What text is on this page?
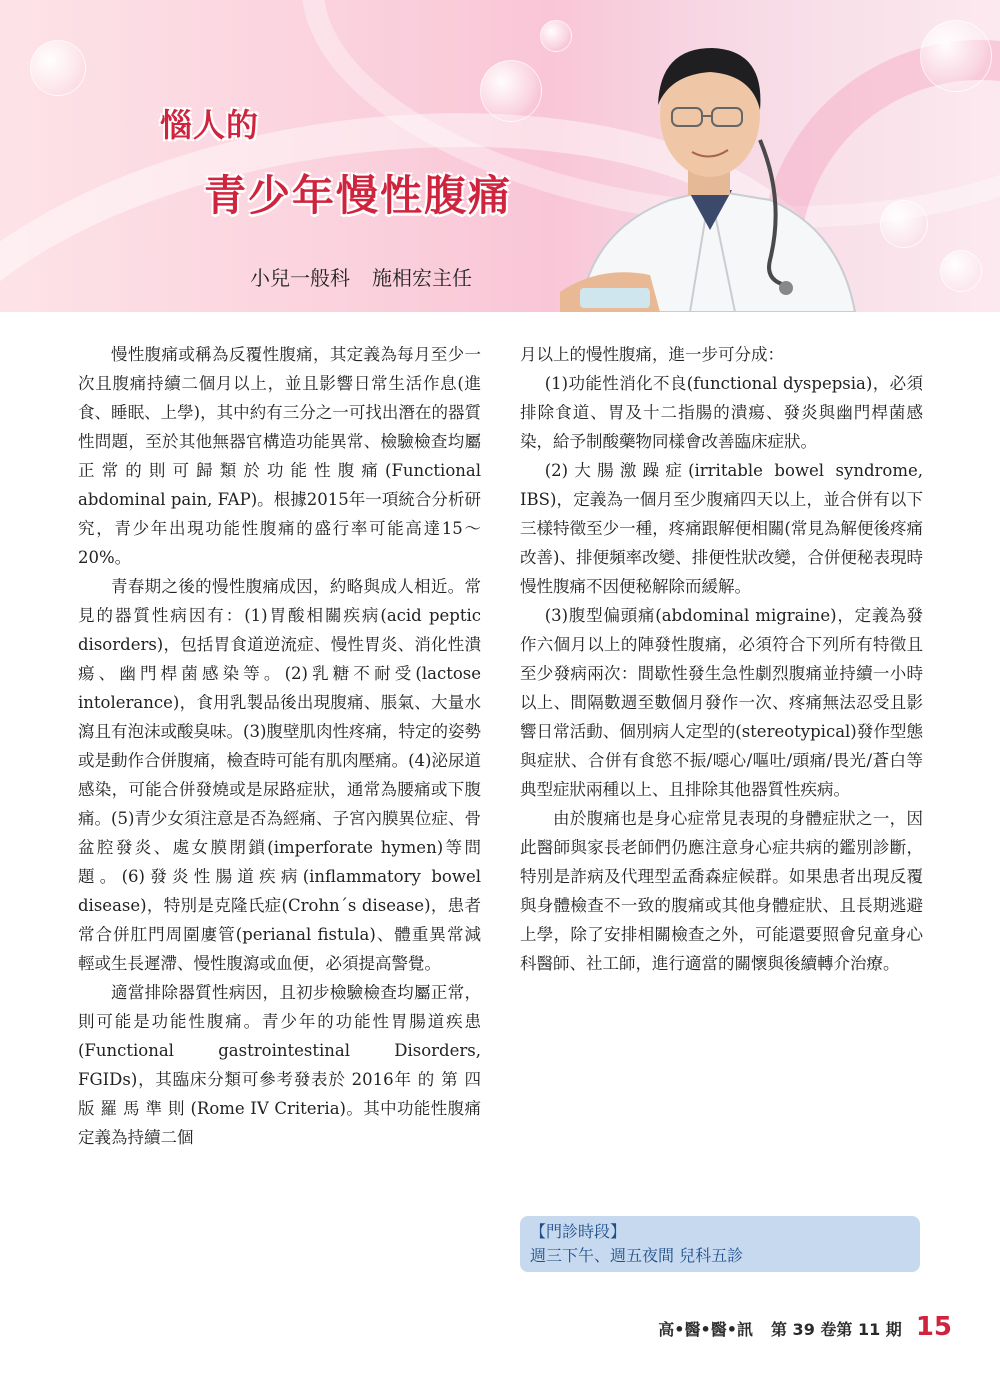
惱人的
青少年慢性腹痛
小兒一般科 施相宏主任

慢性腹痛或稱為反覆性腹痛，其定義為每月至少一次且腹痛持續二個月以上，並且影響日常生活作息(進食、睡眠、上學)，其中約有三分之一可找出潛在的器質性問題，至於其他無器官構造功能異常、檢驗檢查均屬正常的則可歸類於功能性腹痛(Functional abdominal pain, FAP)。根據2015年一項統合分析研究，青少年出現功能性腹痛的盛行率可能高達15～20%。

青春期之後的慢性腹痛成因，約略與成人相近。常見的器質性病因有：(1)胃酸相關疾病(acid peptic disorders)，包括胃食道逆流症、慢性胃炎、消化性潰瘍、幽門桿菌感染等。(2)乳糖不耐受(lactose intolerance)，食用乳製品後出現腹痛、脹氣、大量水瀉且有泡沫或酸臭味。(3)腹壁肌肉性疼痛，特定的姿勢或是動作合併腹痛，檢查時可能有肌肉壓痛。(4)泌尿道感染，可能合併發燒或是尿路症狀，通常為腰痛或下腹痛。(5)青少女須注意是否為經痛、子宮內膜異位症、骨盆腔發炎、處女膜閉鎖(imperforate hymen)等問題。(6)發炎性腸道疾病(inflammatory bowel disease)，特別是克隆氏症(Crohn´s disease)，患者常合併肛門周圍廔管(perianal fistula)、體重異常減輕或生長遲滯、慢性腹瀉或血便，必須提高警覺。

適當排除器質性病因，且初步檢驗檢查均屬正常，則可能是功能性腹痛。青少年的功能性胃腸道疾患(Functional gastrointestinal Disorders, FGIDs)，其臨床分類可參考發表於 2016年 的 第 四 版 羅 馬 準 則 (Rome IV Criteria)。其中功能性腹痛定義為持續二個

月以上的慢性腹痛，進一步可分成：

(1)功能性消化不良(functional dyspepsia)，必須排除食道、胃及十二指腸的潰瘍、發炎與幽門桿菌感染，給予制酸藥物同樣會改善臨床症狀。

(2)大腸激躁症(irritable bowel syndrome, IBS)，定義為一個月至少腹痛四天以上，並合併有以下三樣特徵至少一種，疼痛跟解便相關(常見為解便後疼痛改善)、排便頻率改變、排便性狀改變，合併便秘表現時慢性腹痛不因便秘解除而緩解。

(3)腹型偏頭痛(abdominal migraine)，定義為發作六個月以上的陣發性腹痛，必須符合下列所有特徵且至少發病兩次：間歇性發生急性劇烈腹痛並持續一小時以上、間隔數週至數個月發作一次、疼痛無法忍受且影響日常活動、個別病人定型的(stereotypical)發作型態與症狀、合併有食慾不振/噁心/嘔吐/頭痛/畏光/蒼白等典型症狀兩種以上、且排除其他器質性疾病。

由於腹痛也是身心症常見表現的身體症狀之一，因此醫師與家長老師們仍應注意身心症共病的鑑別診斷，特別是詐病及代理型孟喬森症候群。如果患者出現反覆與身體檢查不一致的腹痛或其他身體症狀、且長期逃避上學，除了安排相關檢查之外，可能還要照會兒童身心科醫師、社工師，進行適當的關懷與後續轉介治療。

【門診時段】
週三下午、週五夜間 兒科五診
高•醫•醫•訊 第 39 卷第 11 期 15
